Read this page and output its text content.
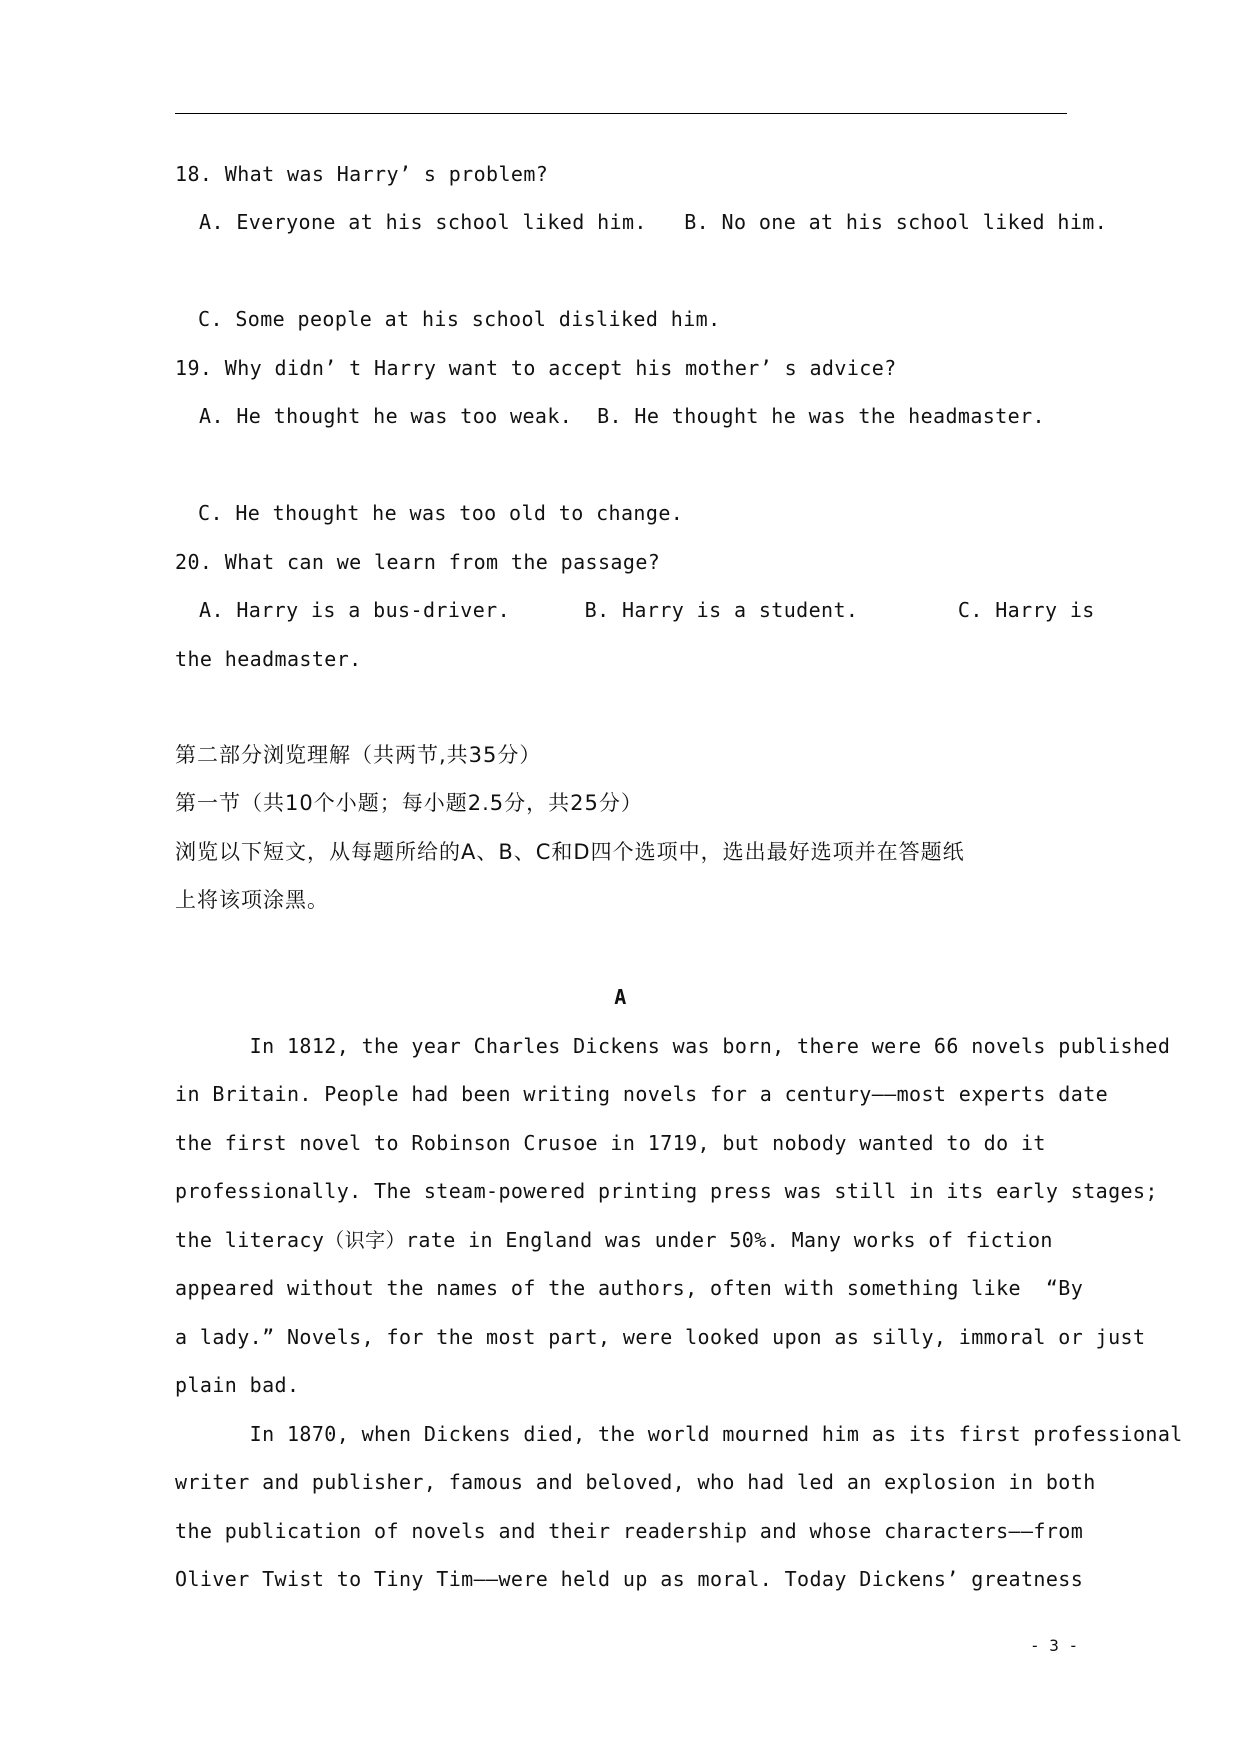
18. What was Harry’ s problem?
A. Everyone at his school liked him.   B. No one at his school liked him.
C. Some people at his school disliked him.
19. Why didn’ t Harry want to accept his mother’ s advice?
A. He thought he was too weak.  B. He thought he was the headmaster.
C. He thought he was too old to change.
20. What can we learn from the passage?
A. Harry is a bus-driver.      B. Harry is a student.        C. Harry is
the headmaster.
第二部分浏览理解（共两节,共35分）
第一节（共10个小题；每小题2.5分，共25分）
浏览以下短文，从每题所给的A、B、C和D四个选项中，选出最好选项并在答题纸
上将该项涂黑。
A
In 1812, the year Charles Dickens was born, there were 66 novels published
in Britain. People had been writing novels for a century——most experts date
the first novel to Robinson Crusoe in 1719, but nobody wanted to do it
professionally. The steam-powered printing press was still in its early stages;
the literacy（识字）rate in England was under 50%. Many works of fiction
appeared without the names of the authors, often with something like  “By
a lady.” Novels, for the most part, were looked upon as silly, immoral or just
plain bad.
In 1870, when Dickens died, the world mourned him as its first professional
writer and publisher, famous and beloved, who had led an explosion in both
the publication of novels and their readership and whose characters——from
Oliver Twist to Tiny Tim——were held up as moral. Today Dickens’ greatness
- 3 -
